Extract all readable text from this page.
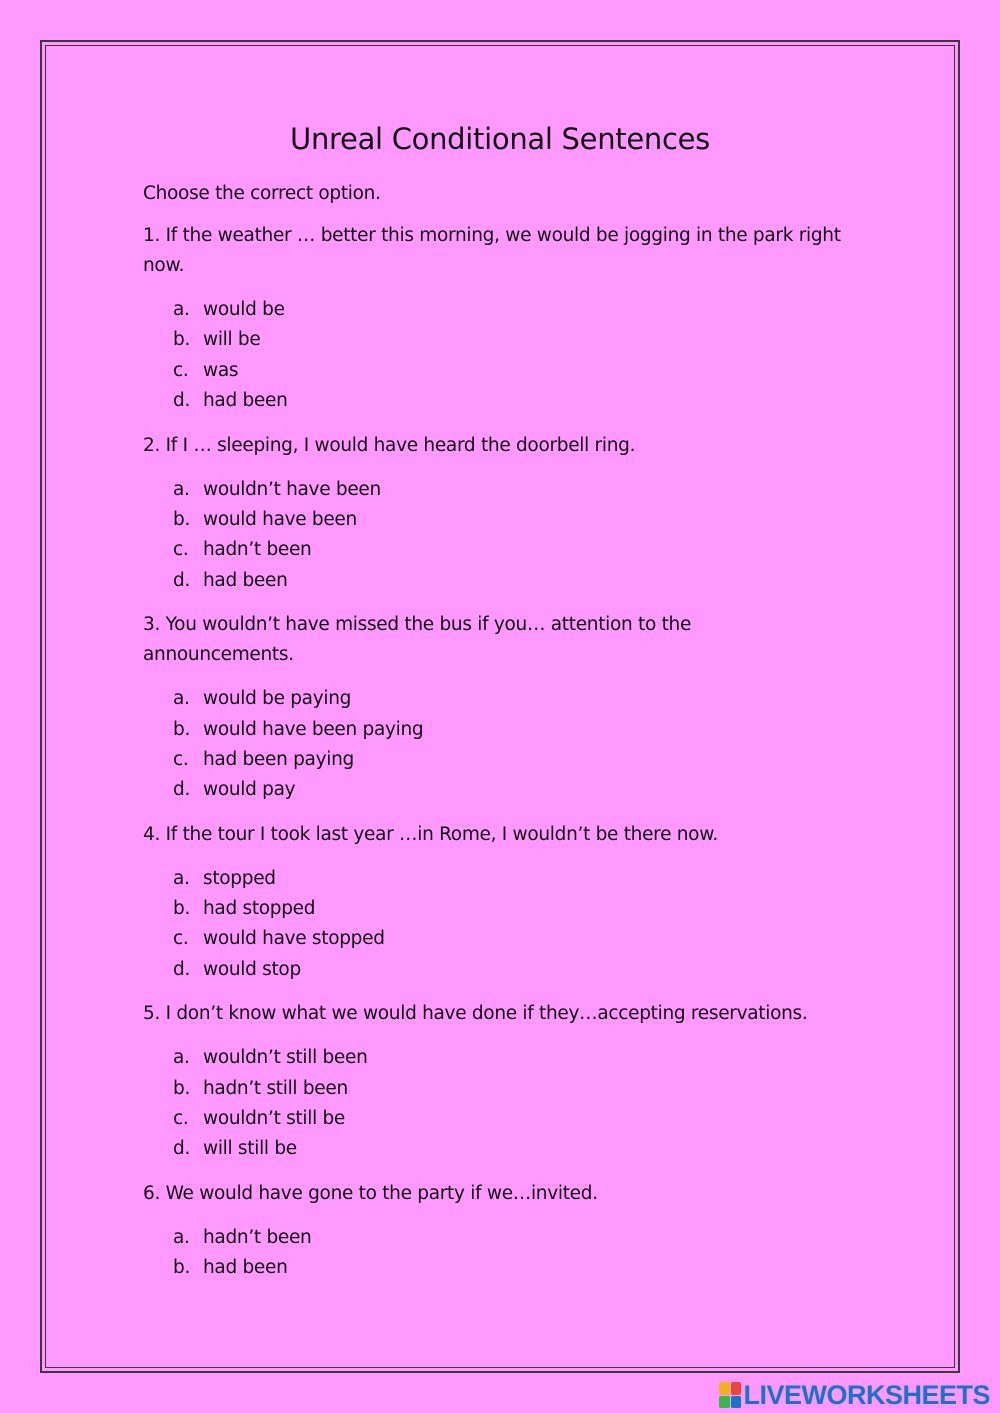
Unreal Conditional Sentences
Choose the correct option.
1. If the weather … better this morning, we would be jogging in the park right now.
a. would be
b. will be
c. was
d. had been
2. If I … sleeping, I would have heard the doorbell ring.
a. wouldn’t have been
b. would have been
c. hadn’t been
d. had been
3. You wouldn’t have missed the bus if you… attention to the announcements.
a. would be paying
b. would have been paying
c. had been paying
d. would pay
4. If the tour I took last year …in Rome, I wouldn’t be there now.
a. stopped
b. had stopped
c. would have stopped
d. would stop
5. I don’t know what we would have done if they…accepting reservations.
a. wouldn’t still been
b. hadn’t still been
c. wouldn’t still be
d. will still be
6. We would have gone to the party if we…invited.
a. hadn’t been
b. had been
LIVEWORKSHEETS
